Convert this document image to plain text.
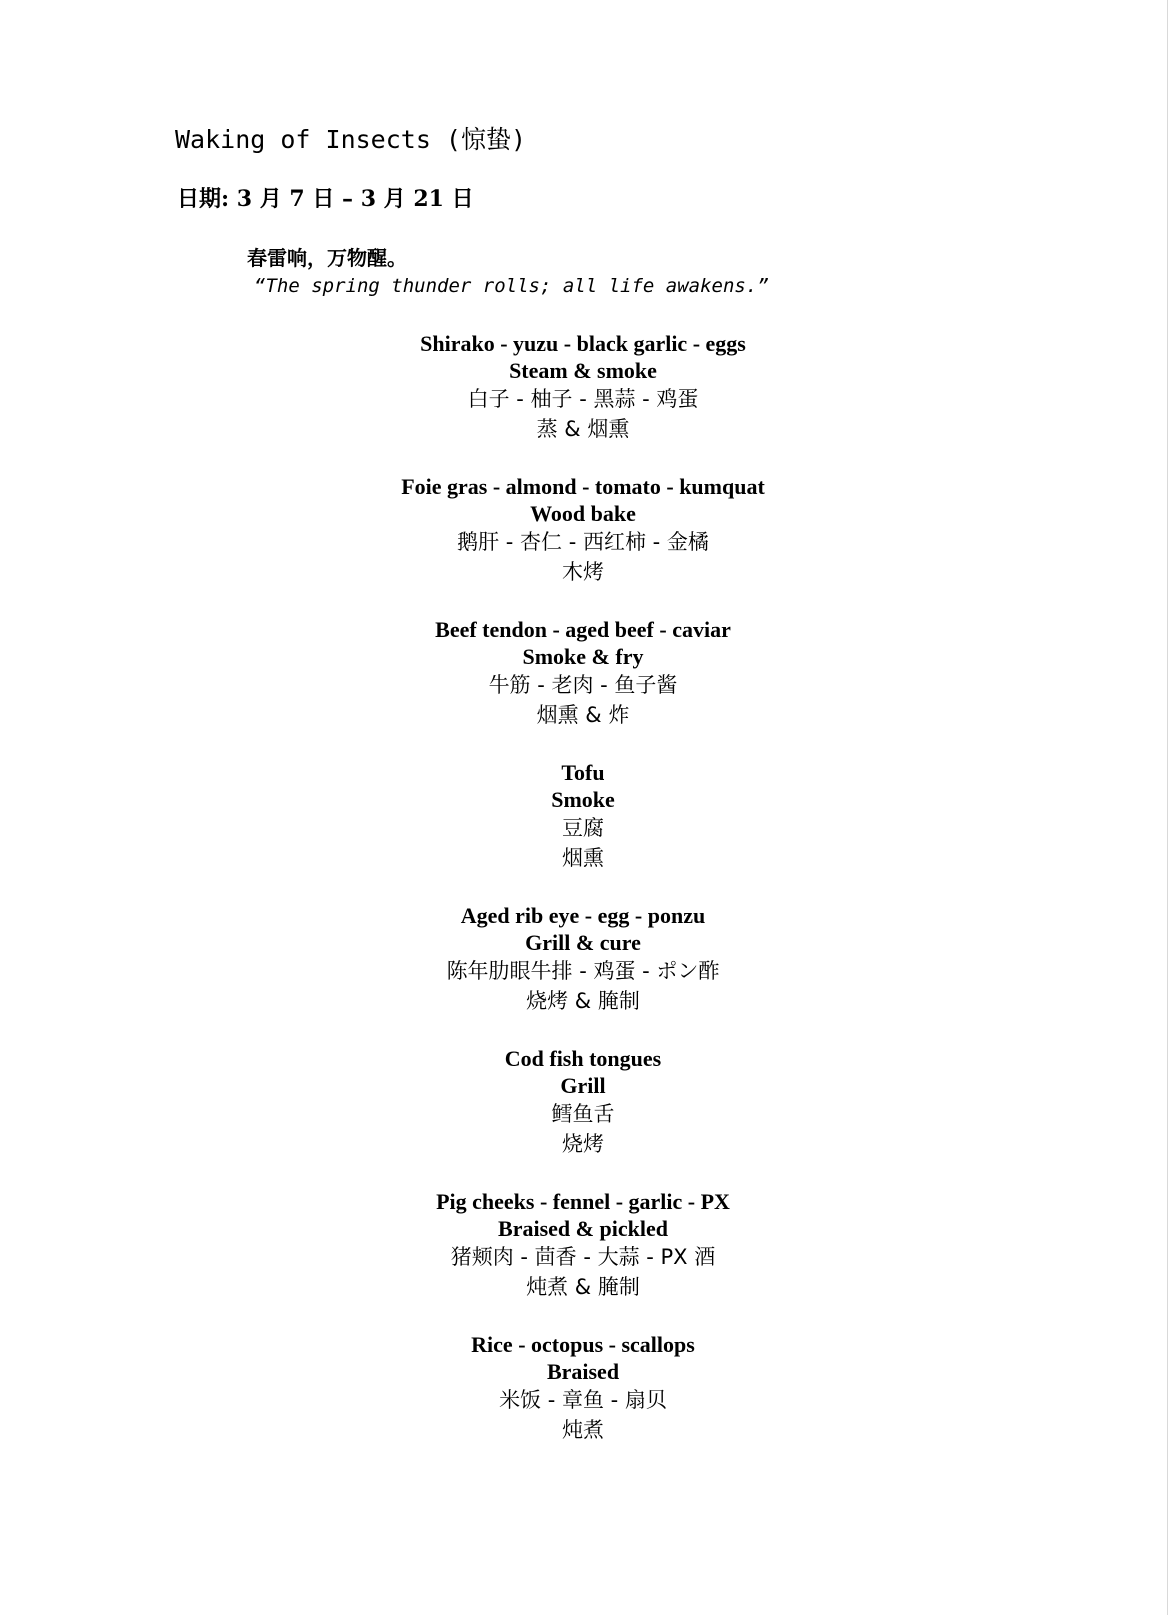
Waking of Insects (惊蛰)
日期: 3 月 7 日 – 3 月 21 日
春雷响，万物醒。
“The spring thunder rolls; all life awakens.”
Shirako - yuzu - black garlic - eggs
Steam & smoke
白子 - 柚子 - 黑蒜 - 鸡蛋
蒸 & 烟熏
Foie gras - almond - tomato - kumquat
Wood bake
鹅肝 - 杏仁 - 西红柿 - 金橘
木烤
Beef tendon - aged beef - caviar
Smoke & fry
牛筋 - 老肉 - 鱼子酱
烟熏 & 炸
Tofu
Smoke
豆腐
烟熏
Aged rib eye - egg - ponzu
Grill & cure
陈年肋眼牛排 - 鸡蛋 - ポン酢
烧烤 & 腌制
Cod fish tongues
Grill
鳕鱼舌
烧烤
Pig cheeks - fennel - garlic - PX
Braised & pickled
猪颊肉 - 茴香 - 大蒜 - PX 酒
炖煮 & 腌制
Rice - octopus - scallops
Braised
米饭 - 章鱼 - 扇贝
炖煮
